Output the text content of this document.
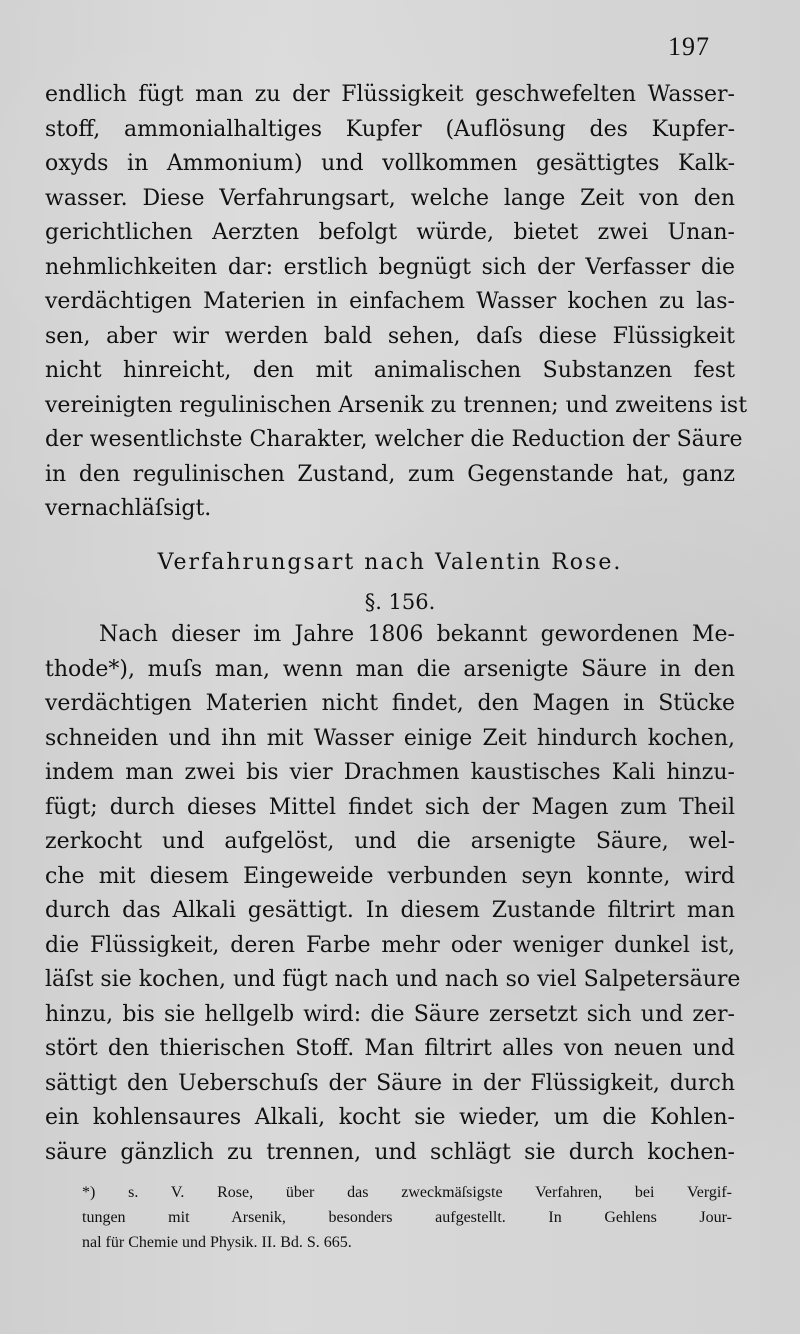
197
endlich fügt man zu der Flüssigkeit geschwefelten Wasser-
stoff, ammonialhaltiges Kupfer (Auflösung des Kupfer-
oxyds in Ammonium) und vollkommen gesättigtes Kalk-
wasser. Diese Verfahrungsart, welche lange Zeit von den
gerichtlichen Aerzten befolgt würde, bietet zwei Unan-
nehmlichkeiten dar: erstlich begnügt sich der Verfasser die
verdächtigen Materien in einfachem Wasser kochen zu las-
sen, aber wir werden bald sehen, daſs diese Flüssigkeit
nicht hinreicht, den mit animalischen Substanzen fest
vereinigten regulinischen Arsenik zu trennen; und zweitens ist
der wesentlichste Charakter, welcher die Reduction der Säure
in den regulinischen Zustand, zum Gegenstande hat, ganz
vernachläſsigt.
Verfahrungsart nach Valentin Rose.
§. 156.
Nach dieser im Jahre 1806 bekannt gewordenen Me-
thode*), muſs man, wenn man die arsenigte Säure in den
verdächtigen Materien nicht findet, den Magen in Stücke
schneiden und ihn mit Wasser einige Zeit hindurch kochen,
indem man zwei bis vier Drachmen kaustisches Kali hinzu-
fügt; durch dieses Mittel findet sich der Magen zum Theil
zerkocht und aufgelöst, und die arsenigte Säure, wel-
che mit diesem Eingeweide verbunden seyn konnte, wird
durch das Alkali gesättigt. In diesem Zustande filtrirt man
die Flüssigkeit, deren Farbe mehr oder weniger dunkel ist,
läſst sie kochen, und fügt nach und nach so viel Salpetersäure
hinzu, bis sie hellgelb wird: die Säure zersetzt sich und zer-
stört den thierischen Stoff. Man filtrirt alles von neuen und
sättigt den Ueberschuſs der Säure in der Flüssigkeit, durch
ein kohlensaures Alkali, kocht sie wieder, um die Kohlen-
säure gänzlich zu trennen, und schlägt sie durch kochen-
*) s. V. Rose, über das zweckmäſsigste Verfahren, bei Vergif-
tungen mit Arsenik, besonders aufgestellt. In Gehlens Jour-
nal für Chemie und Physik. II. Bd. S. 665.
